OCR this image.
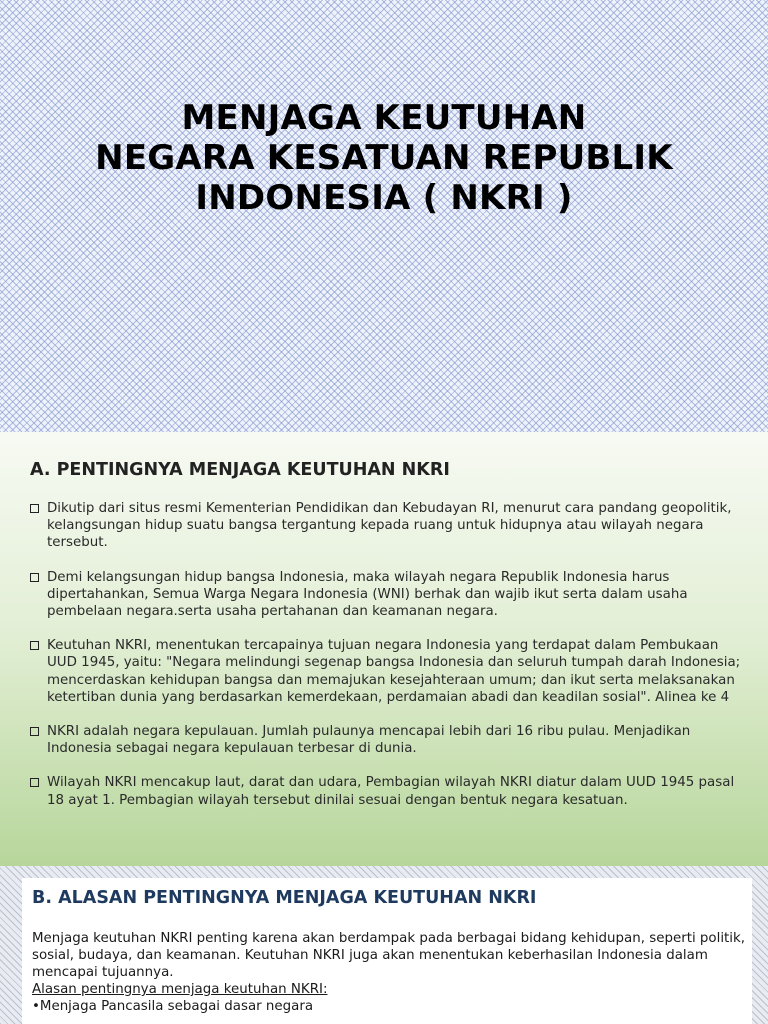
MENJAGA KEUTUHAN
NEGARA KESATUAN REPUBLIK
INDONESIA ( NKRI )
A. PENTINGNYA MENJAGA KEUTUHAN NKRI
Dikutip dari situs resmi Kementerian Pendidikan dan Kebudayan RI, menurut cara pandang geopolitik, kelangsungan hidup suatu bangsa tergantung kepada ruang untuk hidupnya atau wilayah negara tersebut.
Demi kelangsungan hidup bangsa Indonesia, maka wilayah negara Republik Indonesia harus dipertahankan, Semua Warga Negara Indonesia (WNI) berhak dan wajib ikut serta dalam usaha pembelaan negara.serta usaha pertahanan dan keamanan negara.
Keutuhan NKRI, menentukan tercapainya tujuan negara Indonesia yang terdapat dalam Pembukaan UUD 1945, yaitu: "Negara melindungi segenap bangsa Indonesia dan seluruh tumpah darah Indonesia; mencerdaskan kehidupan bangsa dan memajukan kesejahteraan umum; dan ikut serta melaksanakan ketertiban dunia yang berdasarkan kemerdekaan, perdamaian abadi dan keadilan sosial". Alinea ke 4
NKRI adalah negara kepulauan. Jumlah pulaunya mencapai lebih dari 16 ribu pulau. Menjadikan Indonesia sebagai negara kepulauan terbesar di dunia.
Wilayah NKRI mencakup laut, darat dan udara, Pembagian wilayah NKRI diatur dalam UUD 1945 pasal 18 ayat 1. Pembagian wilayah tersebut dinilai sesuai dengan bentuk negara kesatuan.
B. ALASAN PENTINGNYA MENJAGA KEUTUHAN NKRI

Menjaga keutuhan NKRI penting karena akan berdampak pada berbagai bidang kehidupan, seperti politik, sosial, budaya, dan keamanan. Keutuhan NKRI juga akan menentukan keberhasilan Indonesia dalam mencapai tujuannya.

Alasan pentingnya menjaga keutuhan NKRI:

•Menjaga Pancasila sebagai dasar negara
